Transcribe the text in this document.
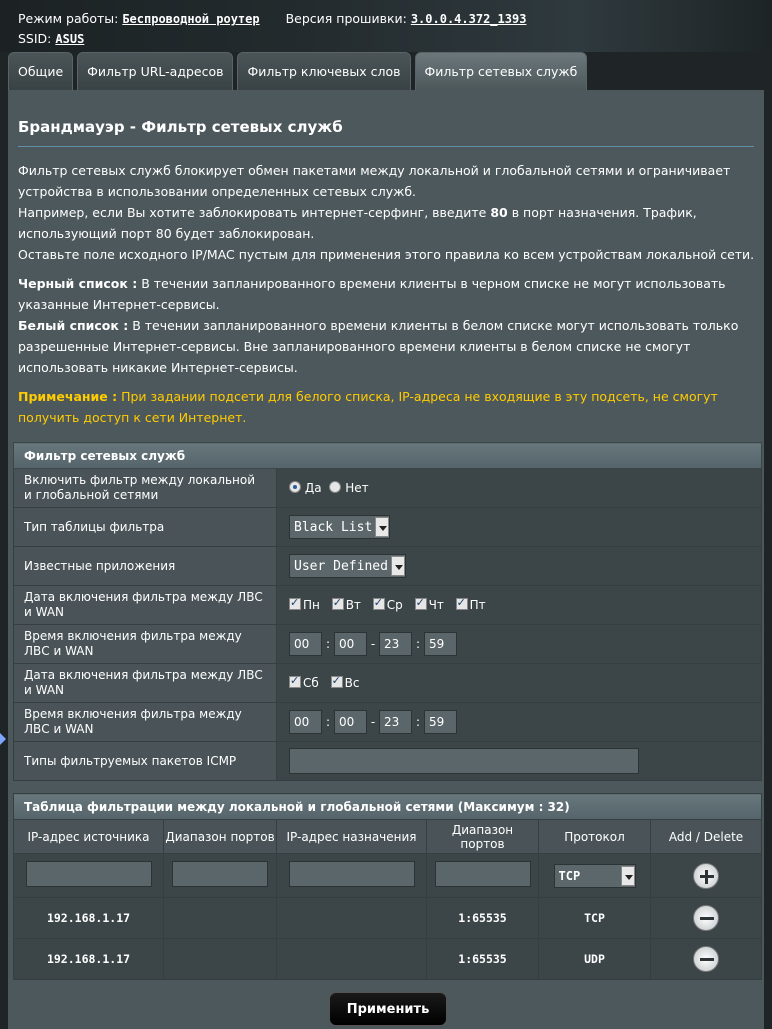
Режим работы: Беспроводной роутер Версия прошивки: 3.0.0.4.372_1393
SSID: ASUS
Общие	Фильтр URL-адресов	Фильтр ключевых слов	Фильтр сетевых служб
Брандмауэр - Фильтр сетевых служб

Фильтр сетевых служб блокирует обмен пакетами между локальной и глобальной сетями и ограничивает устройства в использовании определенных сетевых служб.
Например, если Вы хотите заблокировать интернет-серфинг, введите 80 в порт назначения. Трафик, использующий порт 80 будет заблокирован.
Оставьте поле исходного IP/MAC пустым для применения этого правила ко всем устройствам локальной сети.

Черный список : В течении запланированного времени клиенты в черном списке не могут использовать указанные Интернет-сервисы.
Белый список : В течении запланированного времени клиенты в белом списке могут использовать только разрешенные Интернет-сервисы. Вне запланированного времени клиенты в белом списке не смогут использовать никакие Интернет-сервисы.

Примечание : При задании подсети для белого списка, IP-адреса не входящие в эту подсеть, не смогут получить доступ к сети Интернет.

Фильтр сетевых служб	
Включить фильтр между локальной и глобальной сетями	Да Нет
Тип таблицы фильтра	Black List

Известные приложения	User Defined

Дата включения фильтра между ЛВС и WAN	✓Пн ✓ Вт ✓ Ср ✓ Чт ✓ Пт
Время включения фильтра между ЛВС и WAN	00 : 00 - 23 : 59
Дата включения фильтра между ЛВС и WAN	✓Сб ✓ Вс
Время включения фильтра между ЛВС и WAN	00 : 00 - 23 : 59
Типы фильтруемых пакетов ICMP	
Таблица фильтрации между локальной и глобальной сетями (Максимум : 32)					
IP-адрес источника	Диапазон портов	IP-адрес назначения	Диапазон портов	Протокол	Add / Delete

				TCP	

192.168.1.17			1:65535	TCP	
192.168.1.17			1:65535	UDP	
Применить
